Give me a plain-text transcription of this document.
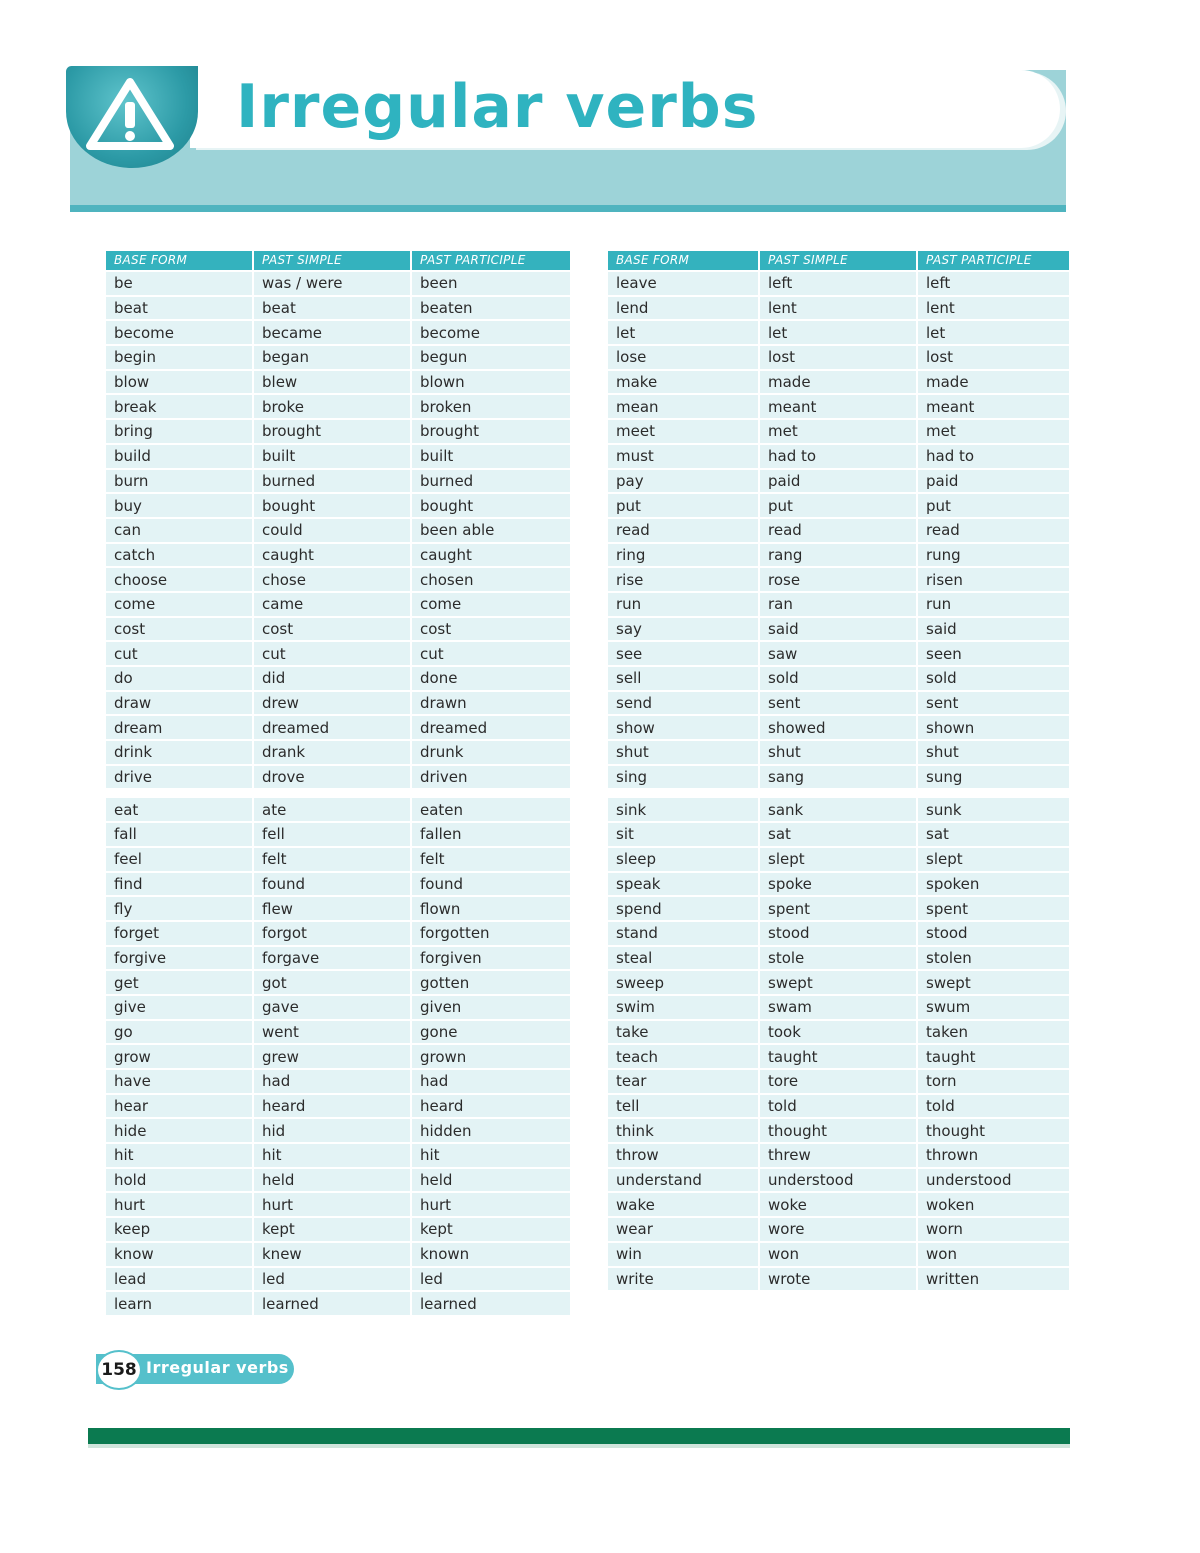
Irregular verbs
BASE FORM	PAST SIMPLE	PAST PARTICIPLE
be	was / were	been
beat	beat	beaten
become	became	become
begin	began	begun
blow	blew	blown
break	broke	broken
bring	brought	brought
build	built	built
burn	burned	burned
buy	bought	bought
can	could	been able
catch	caught	caught
choose	chose	chosen
come	came	come
cost	cost	cost
cut	cut	cut
do	did	done
draw	drew	drawn
dream	dreamed	dreamed
drink	drank	drunk
drive	drove	driven

eat	ate	eaten
fall	fell	fallen
feel	felt	felt
find	found	found
fly	flew	flown
forget	forgot	forgotten
forgive	forgave	forgiven
get	got	gotten
give	gave	given
go	went	gone
grow	grew	grown
have	had	had
hear	heard	heard
hide	hid	hidden
hit	hit	hit
hold	held	held
hurt	hurt	hurt
keep	kept	kept
know	knew	known
lead	led	led
learn	learned	learned
BASE FORM	PAST SIMPLE	PAST PARTICIPLE
leave	left	left
lend	lent	lent
let	let	let
lose	lost	lost
make	made	made
mean	meant	meant
meet	met	met
must	had to	had to
pay	paid	paid
put	put	put
read	read	read
ring	rang	rung
rise	rose	risen
run	ran	run
say	said	said
see	saw	seen
sell	sold	sold
send	sent	sent
show	showed	shown
shut	shut	shut
sing	sang	sung

sink	sank	sunk
sit	sat	sat
sleep	slept	slept
speak	spoke	spoken
spend	spent	spent
stand	stood	stood
steal	stole	stolen
sweep	swept	swept
swim	swam	swum
take	took	taken
teach	taught	taught
tear	tore	torn
tell	told	told
think	thought	thought
throw	threw	thrown
understand	understood	understood
wake	woke	woken
wear	wore	worn
win	won	won
write	wrote	written
158 Irregular verbs
